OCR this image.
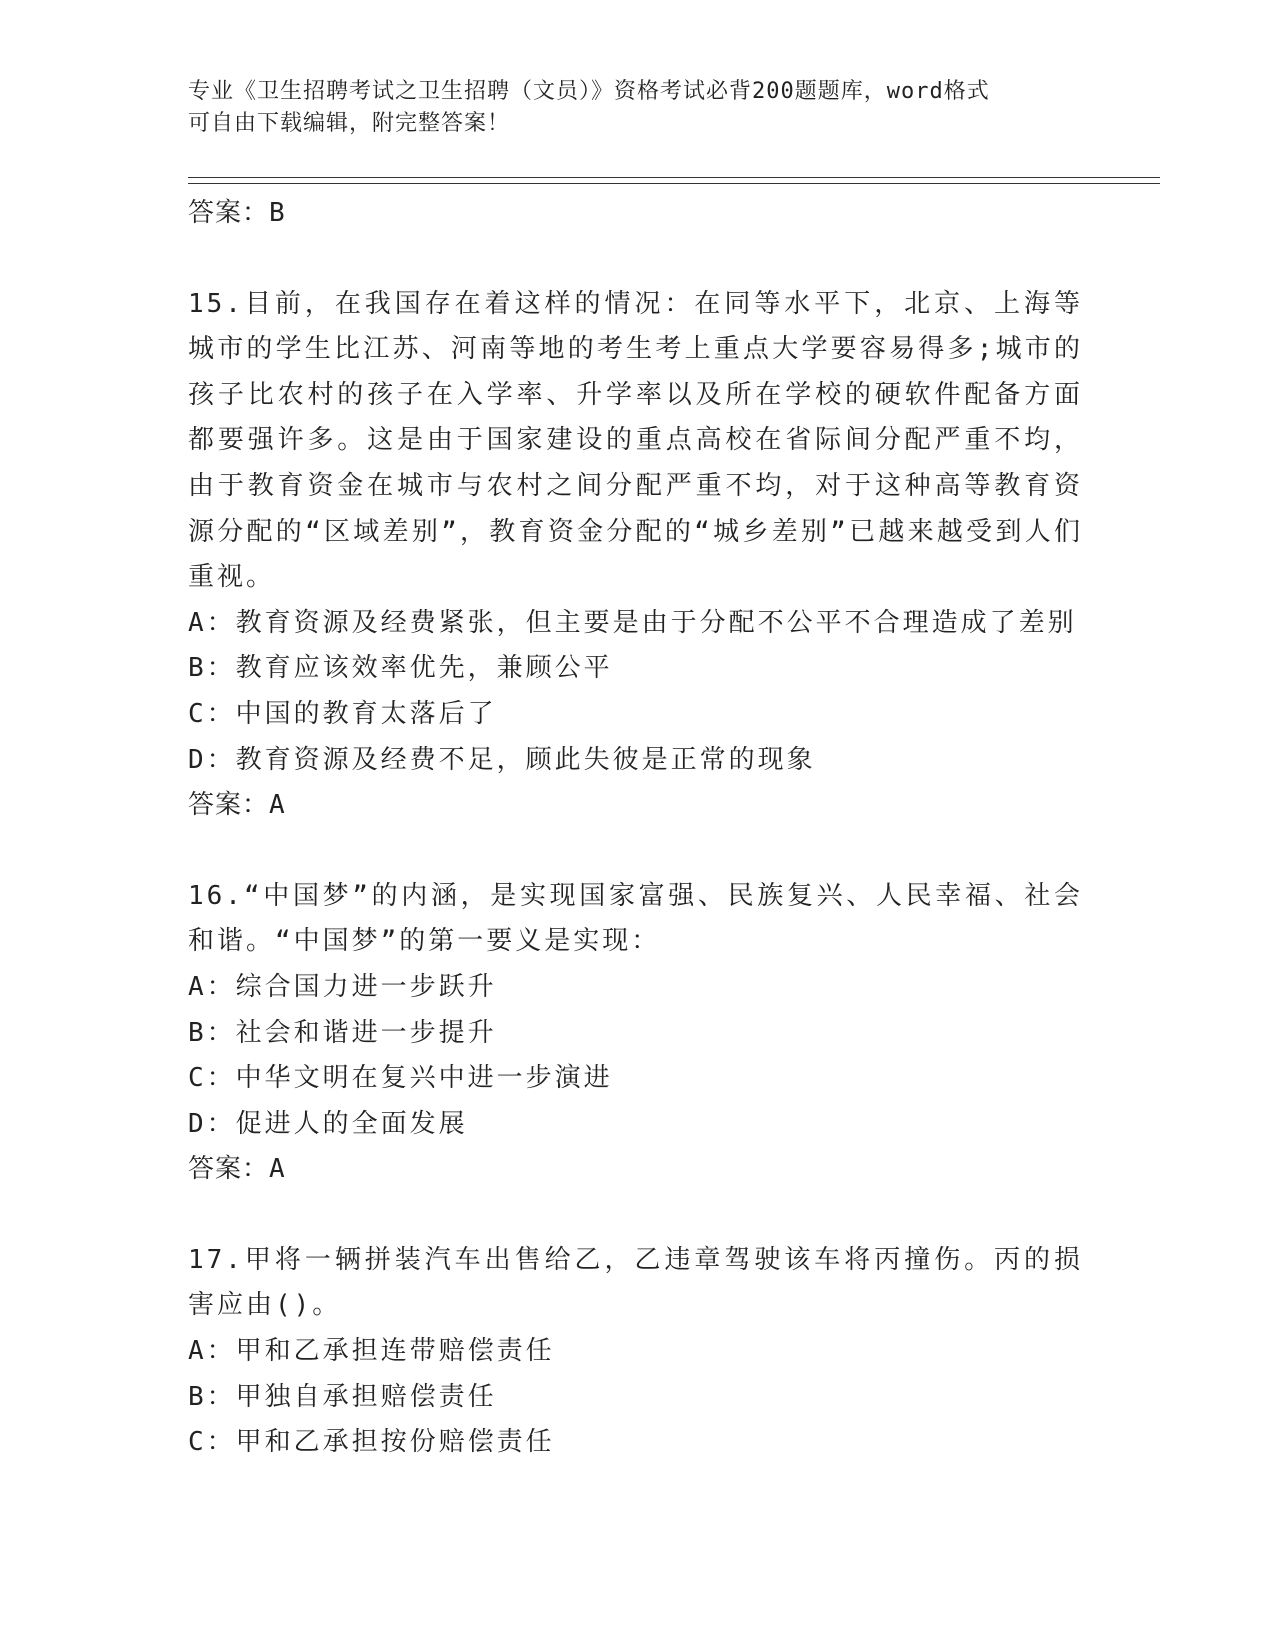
专业《卫生招聘考试之卫生招聘（文员）》资格考试必背200题题库，word格式
可自由下载编辑，附完整答案！
答案：B
15.目前，在我国存在着这样的情况：在同等水平下，北京、上海等城市的学生比江苏、河南等地的考生考上重点大学要容易得多;城市的孩子比农村的孩子在入学率、升学率以及所在学校的硬软件配备方面都要强许多。这是由于国家建设的重点高校在省际间分配严重不均，由于教育资金在城市与农村之间分配严重不均，对于这种高等教育资源分配的“区域差别”，教育资金分配的“城乡差别”已越来越受到人们重视。
A：教育资源及经费紧张，但主要是由于分配不公平不合理造成了差别
B：教育应该效率优先，兼顾公平
C：中国的教育太落后了
D：教育资源及经费不足，顾此失彼是正常的现象
答案：A
16.“中国梦”的内涵，是实现国家富强、民族复兴、人民幸福、社会和谐。“中国梦”的第一要义是实现：
A：综合国力进一步跃升
B：社会和谐进一步提升
C：中华文明在复兴中进一步演进
D：促进人的全面发展
答案：A
17.甲将一辆拼装汽车出售给乙，乙违章驾驶该车将丙撞伤。丙的损害应由()。
A：甲和乙承担连带赔偿责任
B：甲独自承担赔偿责任
C：甲和乙承担按份赔偿责任
